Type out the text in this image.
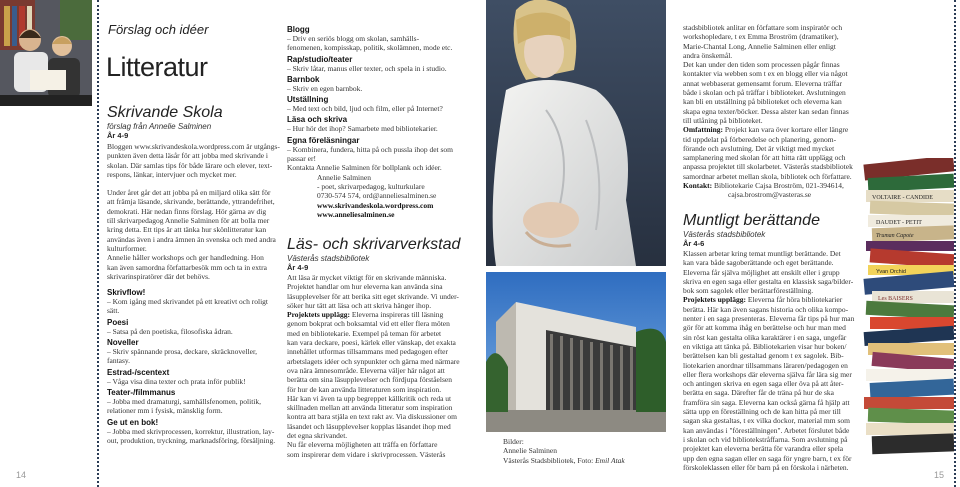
Förslag och idéer
Litteratur
Skrivande Skola
förslag från Annelie Salminen
År 4-9
Bloggen www.skrivandeskola.wordpress.com är utgångs-
punkten även detta läsår för att jobba med skrivande i
skolan. Där samlas tips för både lärare och elever, text-
respons, länkar, intervjuer och mycket mer.
Under året går det att jobba på en miljard olika sätt för
att främja läsande, skrivande, berättande, yttrandefrihet,
demokrati. Här nedan finns förslag. Hör gärna av dig
till skrivarpedagog Annelie Salminen för att bolla mer
kring detta. Ett tips är att tänka hur skönlitteratur kan
användas även i andra ämnen än svenska och med andra
kulturformer.
Annelie håller workshops och ger handledning. Hon
kan även samordna författarbesök mm och ta in extra
skrivarinspiratörer där det behövs.
Skrivflow!
– Kom igång med skrivandet på ett kreativt och roligt
sätt.
Poesi
– Satsa på den poetiska, filosofiska ådran.
Noveller
– Skriv spännande prosa, deckare, skräcknoveller,
fantasy.
Estrad-/scentext
– Våga visa dina texter och prata inför publik!
Teater-/filmmanus
– Jobba med dramaturgi, samhällsfenomen, politik,
relationer mm i fysisk, mänsklig form.
Ge ut en bok!
– Jobba med skrivprocessen, korrektur, illustration, lay-
out, produktion, tryckning, marknadsföring, försäljning.
14
Blogg
– Driv en seriös blogg om skolan, samhälls-
fenomenen, kompisskap, politik, skolämnen, mode etc.
Rap/studio/teater
– Skriv låtar, manus eller texter, och spela in i studio.
Barnbok
– Skriv en egen barnbok.
Utställning
– Med text och bild, ljud och film, eller på Internet?
Läsa och skriva
– Hur hör det ihop? Samarbete med bibliotekarier.
Egna föreläsningar
– Kombinera, fundera, hitta på och pussla ihop det som
passar er!
Kontakta Annelie Salminen för bollplank och idéer.
Annelie Salminen
- poet, skrivarpedagog, kulturkulare
0730-574 574, ord@anneliesalminen.se
www.skrivandeskola.wordpress.com
www.anneliesalminen.se
Läs- och skrivarverkstad
Västerås stadsbibliotek
År 4-9
Att läsa är mycket viktigt för en skrivande människa.
Projektet handlar om hur eleverna kan använda sina
läsupplevelser för att berika sitt eget skrivande. Vi under-
söker hur tätt att läsa och att skriva hänger ihop.
Projektets upplägg: Eleverna inspireras till läsning
genom bokprat och boksamtal vid ett eller flera möten
med en bibliotekarie. Exempel på teman för arbetet
kan vara deckare, poesi, kärlek eller vänskap, det exakta
innehållet utformas tillsammans med pedagogen efter
arbetslagets idéer och synpunkter och gärna med närmare
ova nära ämnesområde. Eleverna väljer här något att
berätta om sina läsupplevelser och fördjupa förståelsen
för hur de kan använda litteraturen som inspiration.
Här kan vi även ta upp begreppet källkritik och reda ut
skillnaden mellan att använda litteratur som inspiration
kontra att bara stjäla en text rakt av. Via diskussioner om
läsandet och läsupplevelser kopplas läsandet ihop med
det egna skrivandet.
Nu får eleverna möjligheten att träffa en författare
som inspirerar dem vidare i skrivprocessen. Västerås
Bilder:
Annelie Salminen
Västerås Stadsbibliotek, Foto: Emil Atak
stadsbibliotek anlitar en författare som inspiratör och
workshopledare, t ex Emma Broström (dramatiker),
Marie-Chantal Long, Annelie Salminen eller enligt
andra önskemål.
Det kan under den tiden som processen pågår finnas
kontakter via webben som t ex en blogg eller via något
annat webbaserat gemensamt forum. Eleverna träffar
både i skolan och på träffar i biblioteket. Avslutningen
kan bli en utställning på biblioteket och eleverna kan
skapa egna texter/böcker. Dessa alster kan sedan finnas
till utlåning på biblioteket.
Omfattning: Projekt kan vara över kortare eller längre
tid uppdelat på förberedelse och planering, genom-
förande och avslutning. Det är viktigt med mycket
samplanering med skolan för att hitta rätt upplägg och
anpassa projektet till skolarbetet. Västerås stadsbibliotek
samordnar arbetet mellan skola, bibliotek och författare.
Kontakt: Bibliotekarie Cajsa Broström, 021-394614,
cajsa.brostrom@vasteras.se
Muntligt berättande
Västerås stadsbibliotek
År 4-6
Klassen arbetar kring temat muntligt berättande. Det
kan vara både sagoberättande och eget berättande.
Eleverna får själva möjlighet att enskilt eller i grupp
skriva en egen saga eller gestalta en klassisk saga/bilder-
bok som sagolek eller berättarföreställning.
Projektets upplägg: Eleverna får höra bibliotekarier
berätta. Här kan även sagans historia och olika kompo-
nenter i en saga presenteras. Eleverna får tips på hur man
gör för att komma ihåg en berättelse och hur man med
sin röst kan gestalta olika karaktärer i en saga, ungefär
en viktiga att tänka på. Bibliotekarien visar hur boken/
berättelsen kan bli gestaltad genom t ex sagolek. Bib-
liotekarien anordnar tillsammans läraren/pedagogen en
eller flera workshops där eleverna själva får lära sig mer
och antingen skriva en egen saga eller öva på att åter-
berätta en saga. Därefter får de träna på hur de ska
framföra sin saga. Eleverna kan också gärna få hjälp att
sätta upp en föreställning och de kan hitta på mer till
sagan ska gestaltas, t ex vilka dockor, material mm som
kan användas i "föreställningen". Arbetet förslutet både
i skolan och vid bibliotekstråffarna. Som avslutning på
projektet kan eleverna berätta för varandra eller spela
upp den egna sagan eller en saga för yngre barn, t ex för
förskoleklassen eller för barn på en förskola i närheten.
VOLTAIRE - CANDIDE
DAUDET - PETIT
Truman Capote
Yvan Orchid
Les BAISERS
15
